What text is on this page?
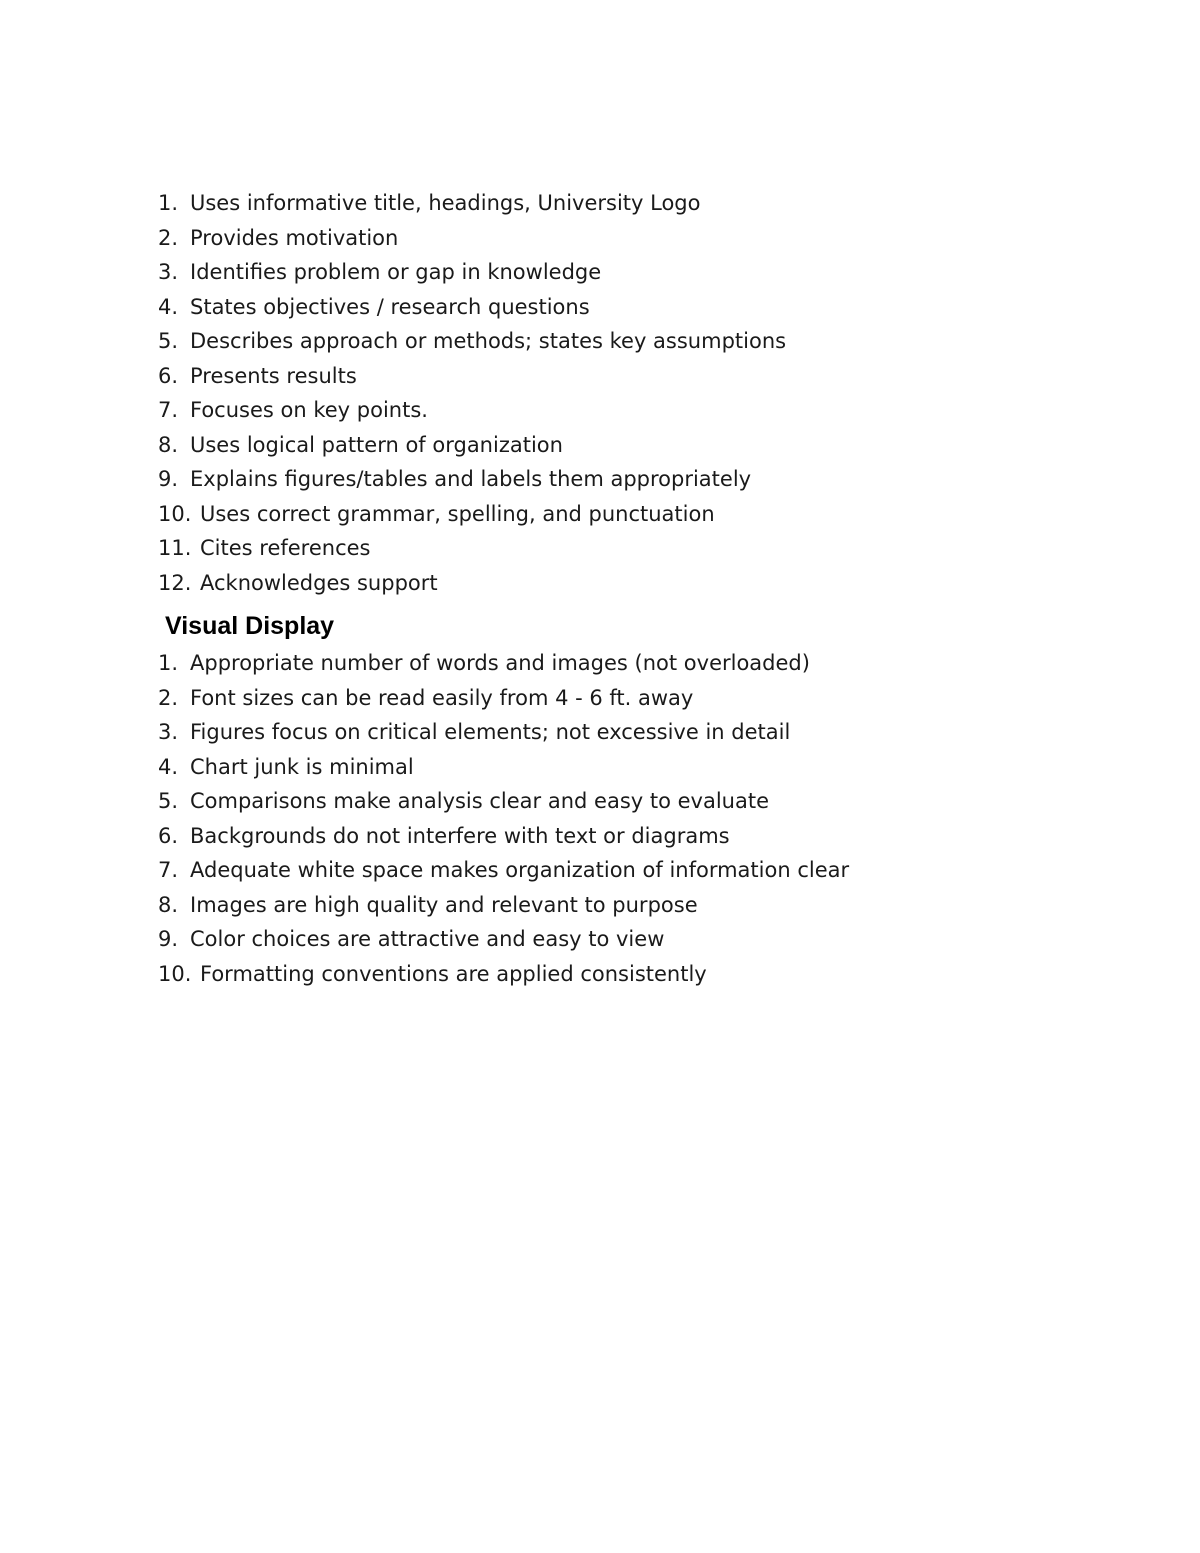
1. Uses informative title, headings, University Logo
2. Provides motivation
3. Identifies problem or gap in knowledge
4. States objectives / research questions
5. Describes approach or methods; states key assumptions
6. Presents results
7. Focuses on key points.
8. Uses logical pattern of organization
9. Explains figures/tables and labels them appropriately
10. Uses correct grammar, spelling, and punctuation
11. Cites references
12. Acknowledges support
Visual Display
1. Appropriate number of words and images (not overloaded)
2. Font sizes can be read easily from 4 - 6 ft. away
3. Figures focus on critical elements; not excessive in detail
4. Chart junk is minimal
5. Comparisons make analysis clear and easy to evaluate
6. Backgrounds do not interfere with text or diagrams
7. Adequate white space makes organization of information clear
8. Images are high quality and relevant to purpose
9. Color choices are attractive and easy to view
10. Formatting conventions are applied consistently
